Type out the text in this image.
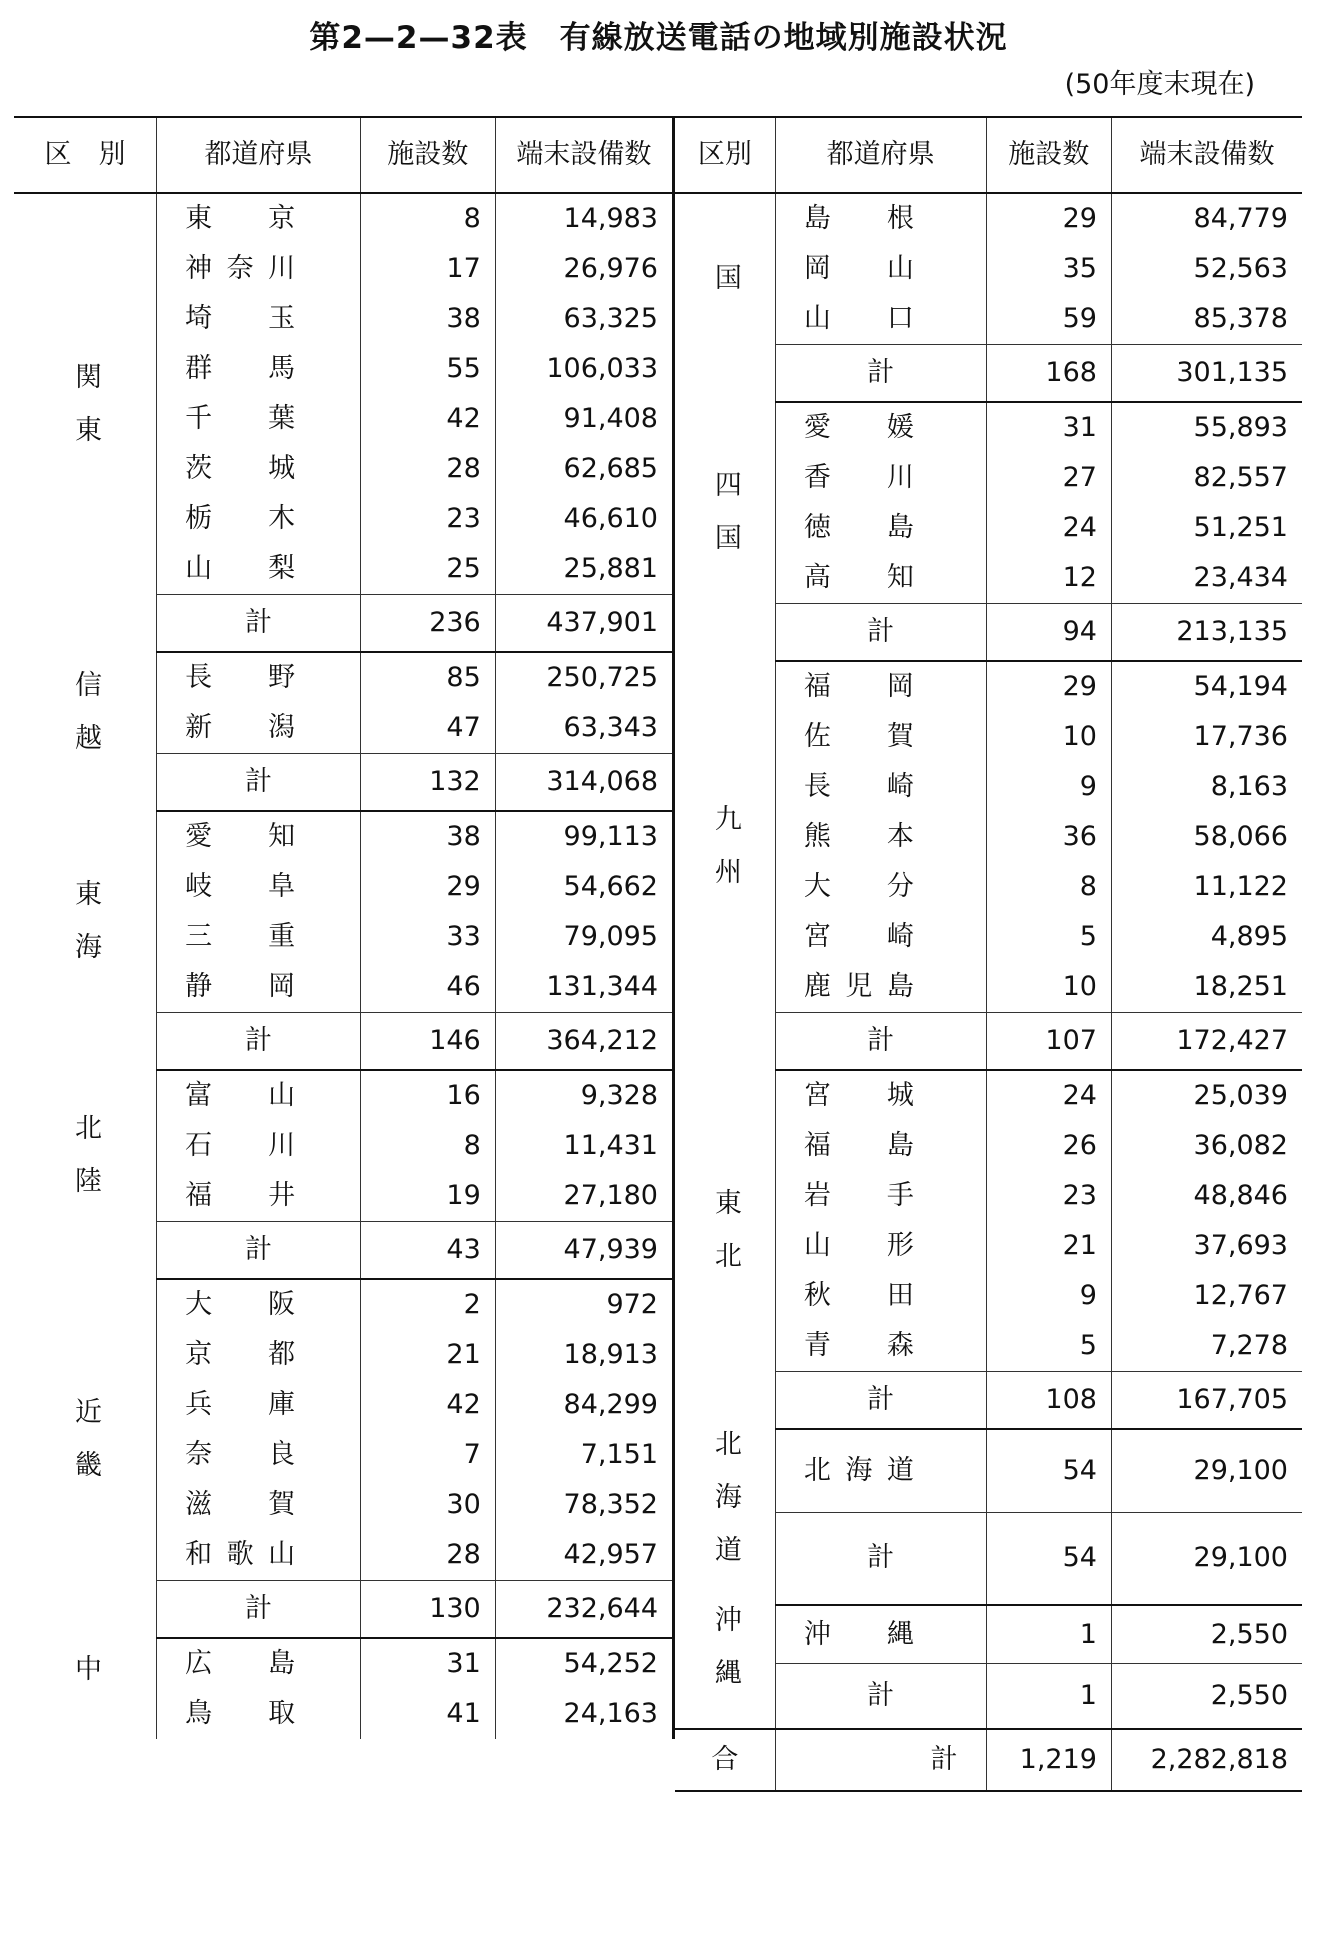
第2—2—32表　有線放送電話の地域別施設状況
(50年度末現在)
区　別	都道府県	施設数	端末設備数
関東	東京	8	14,983

	神奈川	17	26,976

	埼玉	38	63,325

	群馬	55	106,033

	千葉	42	91,408

	茨城	28	62,685

	栃木	23	46,610

	山梨	25	25,881
	計	236	437,901
信越	長野	85	250,725

	新潟	47	63,343
	計	132	314,068
東海	愛知	38	99,113

	岐阜	29	54,662

	三重	33	79,095

	静岡	46	131,344
	計	146	364,212
北陸	富山	16	9,328

	石川	8	11,431

	福井	19	27,180
	計	43	47,939
近畿	大阪	2	972

	京都	21	18,913

	兵庫	42	84,299

	奈良	7	7,151

	滋賀	30	78,352

	和歌山	28	42,957
	計	130	232,644
中	広島	31	54,252

	鳥取	41	24,163
区別	都道府県	施設数	端末設備数
国	島根	29	84,779

	岡山	35	52,563

	山口	59	85,378
	計	168	301,135
四国	愛媛	31	55,893

	香川	27	82,557

	徳島	24	51,251

	高知	12	23,434
	計	94	213,135
九州	福岡	29	54,194

	佐賀	10	17,736

	長崎	9	8,163

	熊本	36	58,066

	大分	8	11,122

	宮崎	5	4,895

	鹿児島	10	18,251
	計	107	172,427
東北	宮城	24	25,039

	福島	26	36,082

	岩手	23	48,846

	山形	21	37,693

	秋田	9	12,767

	青森	5	7,278
	計	108	167,705
北海道	北海道	54	29,100
	計	54	29,100
沖縄	沖縄	1	2,550
	計	1	2,550
合	計	1,219	2,282,818
